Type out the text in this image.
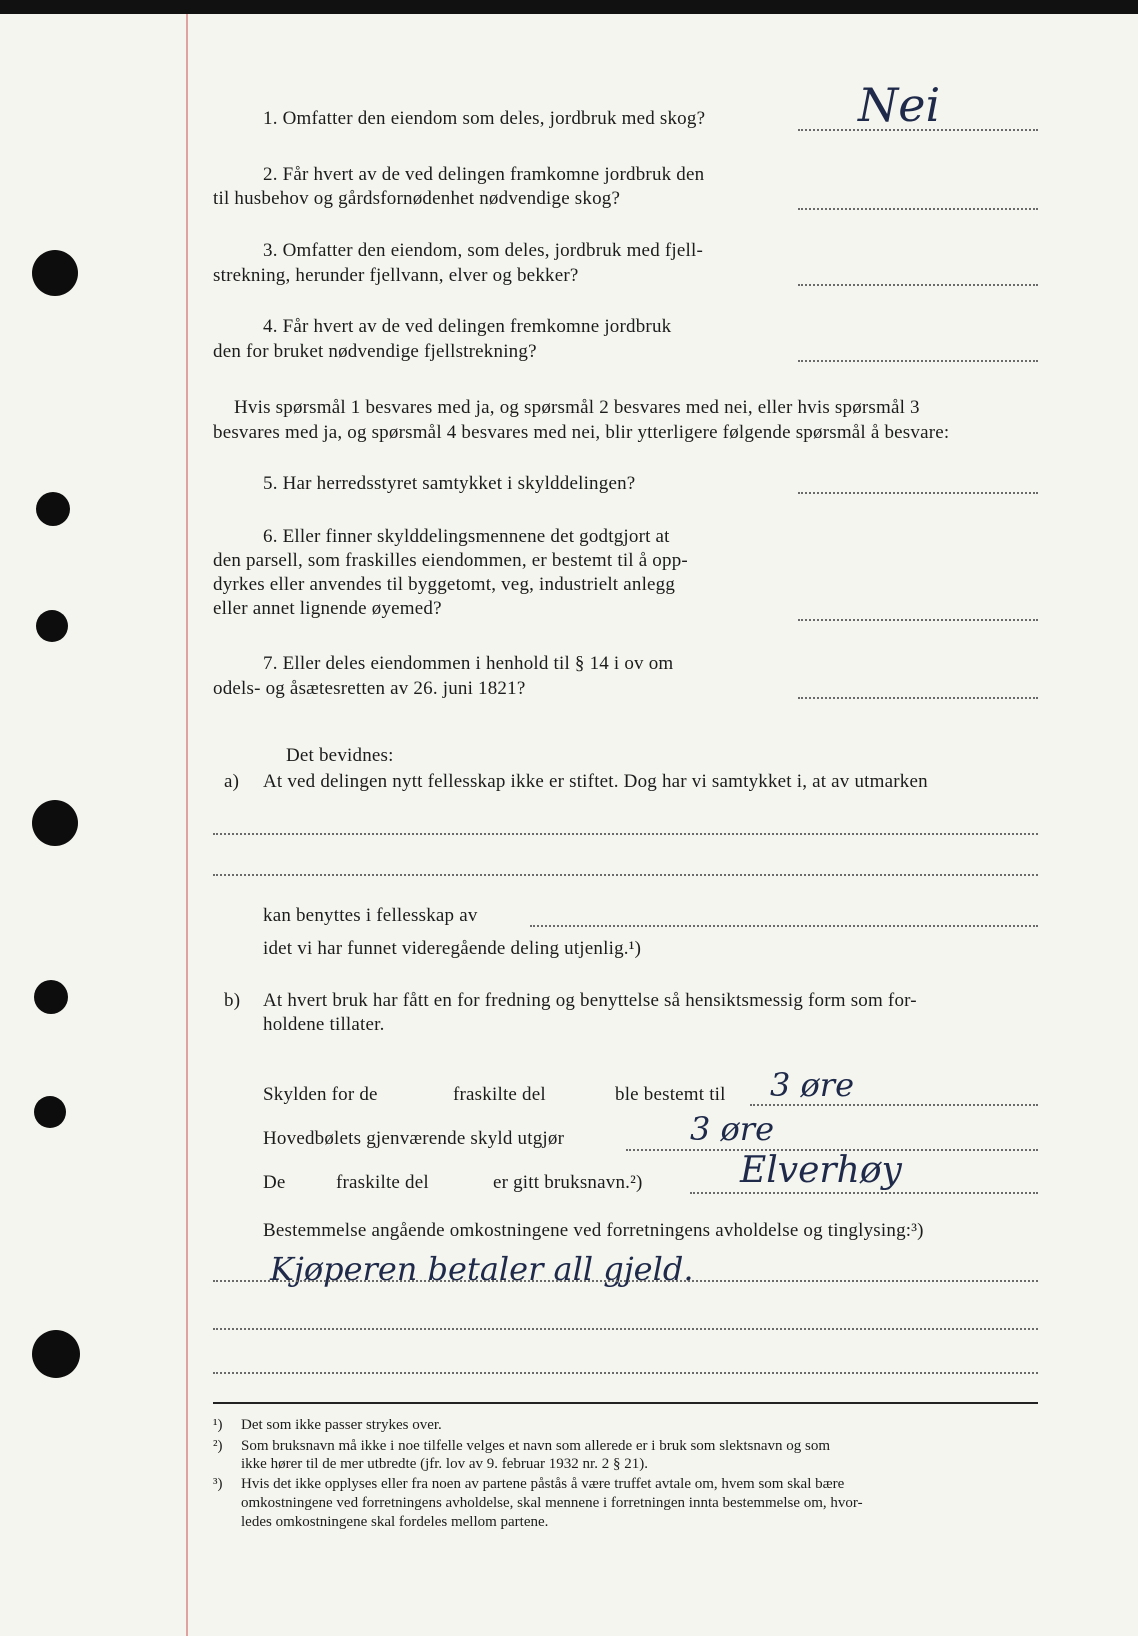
1. Omfatter den eiendom som deles, jordbruk med skog?	Nei
2. Får hvert av de ved delingen framkomne jordbruk den
til husbehov og gårdsfornødenhet nødvendige skog?
3. Omfatter den eiendom, som deles, jordbruk med fjell-
strekning, herunder fjellvann, elver og bekker?
4. Får hvert av de ved delingen fremkomne jordbruk
den for bruket nødvendige fjellstrekning?
Hvis spørsmål 1 besvares med ja, og spørsmål 2 besvares med nei, eller hvis spørsmål 3
besvares med ja, og spørsmål 4 besvares med nei, blir ytterligere følgende spørsmål å besvare:
5. Har herredsstyret samtykket i skylddelingen?
6. Eller finner skylddelingsmennene det godtgjort at
den parsell, som fraskilles eiendommen, er bestemt til å opp-
dyrkes eller anvendes til byggetomt, veg, industrielt anlegg
eller annet lignende øyemed?
7. Eller deles eiendommen i henhold til § 14 i ov om
odels- og åsætesretten av 26. juni 1821?
Det bevidnes:
a) At ved delingen nytt fellesskap ikke er stiftet. Dog har vi samtykket i, at av utmarken
kan benyttes i fellesskap av
idet vi har funnet videregående deling utjenlig.¹)
b) At hvert bruk har fått en for fredning og benyttelse så hensiktsmessig form som for-
holdene tillater.
Skylden for de	fraskilte del	ble bestemt til 3 øre
Hovedbølets gjenværende skyld utgjør	3 øre
De	fraskilte del	er gitt bruksnavn.²)	Elverhøy
Bestemmelse angående omkostningene ved forretningens avholdelse og tinglysing:³)
Kjøperen betaler all gjeld.
¹) Det som ikke passer strykes over.
²) Som bruksnavn må ikke i noe tilfelle velges et navn som allerede er i bruk som slektsnavn og som
ikke hører til de mer utbredte (jfr. lov av 9. februar 1932 nr. 2 § 21).
³) Hvis det ikke opplyses eller fra noen av partene påstås å være truffet avtale om, hvem som skal bære
omkostningene ved forretningens avholdelse, skal mennene i forretningen innta bestemmelse om, hvor-
ledes omkostningene skal fordeles mellom partene.
